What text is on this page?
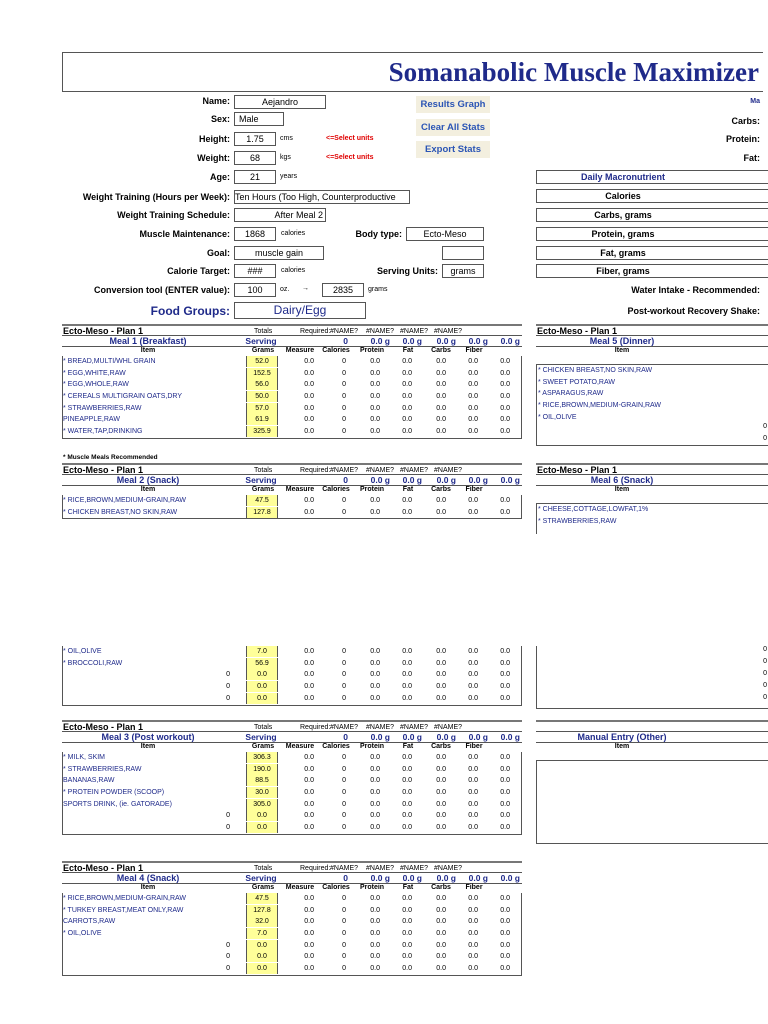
Somanabolic Muscle Maximizer
Name:	Aejandro
Sex:	Male
Height:	1.75	cms	<=Select units
Weight:	68	kgs	<=Select units
Age:	21	years
Weight Training (Hours per Week): Ten Hours (Too High, Counterproductive
Weight Training Schedule:	After Meal 2
Muscle Maintenance:	1868	calories	Body type:	Ecto-Meso
Goal:	muscle gain
Calorie Target:	###	calories	Serving Units:	grams
Conversion tool (ENTER value):	100	oz. →	2835	grams
Food Groups:	Dairy/Egg
Results Graph
Clear All Stats
Export Stats
Ma
Carbs:
Protein:
Fat:
Daily Macronutrient
Calories
Carbs, grams
Protein, grams
Fat, grams
Fiber, grams
Water Intake - Recommended:
Post-workout Recovery Shake:
Ecto-Meso - Plan 1	Totals	Required: #NAME? #NAME? #NAME? #NAME?
Meal 1 (Breakfast)	Serving	0	0.0 g	0.0 g	0.0 g	0.0 g	0.0 g
Item	Grams	Measure	Calories	Protein	Fat	Carbs	Fiber
* BREAD,MULTI/WHL GRAIN	52.0	0.0	0	0.0	0.0	0.0	0.0	0.0
* EGG,WHITE,RAW	152.5	0.0	0	0.0	0.0	0.0	0.0	0.0
* EGG,WHOLE,RAW	56.0	0.0	0	0.0	0.0	0.0	0.0	0.0
* CEREALS MULTIGRAIN OATS,DRY	50.0	0.0	0	0.0	0.0	0.0	0.0	0.0
* STRAWBERRIES,RAW	57.0	0.0	0	0.0	0.0	0.0	0.0	0.0
PINEAPPLE,RAW	61.9	0.0	0	0.0	0.0	0.0	0.0	0.0
* WATER,TAP,DRINKING	325.9	0.0	0	0.0	0.0	0.0	0.0	0.0
Ecto-Meso - Plan 1	Totals	Required: #NAME? #NAME? #NAME? #NAME?
Meal 2 (Snack)	Serving	0	0.0 g	0.0 g	0.0 g	0.0 g	0.0 g
Item	Grams	Measure	Calories	Protein	Fat	Carbs	Fiber
* RICE,BROWN,MEDIUM-GRAIN,RAW	47.5	0.0	0	0.0	0.0	0.0	0.0	0.0
* CHICKEN BREAST,NO SKIN,RAW	127.8	0.0	0	0.0	0.0	0.0	0.0	0.0
* OIL,OLIVE	7.0	0.0	0	0.0	0.0	0.0	0.0	0.0
* BROCCOLI,RAW	56.9	0.0	0	0.0	0.0	0.0	0.0	0.0
0	0.0	0.0	0	0.0	0.0	0.0	0.0	0.0
0	0.0	0.0	0	0.0	0.0	0.0	0.0	0.0
0	0.0	0.0	0	0.0	0.0	0.0	0.0	0.0
Ecto-Meso - Plan 1	Totals	Required: #NAME? #NAME? #NAME? #NAME?
Meal 3 (Post workout)	Serving	0	0.0 g	0.0 g	0.0 g	0.0 g	0.0 g
Item	Grams	Measure	Calories	Protein	Fat	Carbs	Fiber
* MILK, SKIM	306.3	0.0	0	0.0	0.0	0.0	0.0	0.0
* STRAWBERRIES,RAW	190.0	0.0	0	0.0	0.0	0.0	0.0	0.0
BANANAS,RAW	88.5	0.0	0	0.0	0.0	0.0	0.0	0.0
* PROTEIN POWDER (SCOOP)	30.0	0.0	0	0.0	0.0	0.0	0.0	0.0
SPORTS DRINK, (ie. GATORADE)	305.0	0.0	0	0.0	0.0	0.0	0.0	0.0
0	0.0	0.0	0	0.0	0.0	0.0	0.0	0.0
0	0.0	0.0	0	0.0	0.0	0.0	0.0	0.0
Ecto-Meso - Plan 1	Totals	Required: #NAME? #NAME? #NAME? #NAME?
Meal 4 (Snack)	Serving	0	0.0 g	0.0 g	0.0 g	0.0 g	0.0 g
Item	Grams	Measure	Calories	Protein	Fat	Carbs	Fiber
* RICE,BROWN,MEDIUM-GRAIN,RAW	47.5	0.0	0	0.0	0.0	0.0	0.0	0.0
* TURKEY BREAST,MEAT ONLY,RAW	127.8	0.0	0	0.0	0.0	0.0	0.0	0.0
CARROTS,RAW	32.0	0.0	0	0.0	0.0	0.0	0.0	0.0
* OIL,OLIVE	7.0	0.0	0	0.0	0.0	0.0	0.0	0.0
0	0.0	0.0	0	0.0	0.0	0.0	0.0	0.0
0	0.0	0.0	0	0.0	0.0	0.0	0.0	0.0
0	0.0	0.0	0	0.0	0.0	0.0	0.0	0.0
* Muscle Meals Recommended
Ecto-Meso - Plan 1
Meal 5 (Dinner)
Item
* CHICKEN BREAST,NO SKIN,RAW
* SWEET POTATO,RAW
* ASPARAGUS,RAW
* RICE,BROWN,MEDIUM-GRAIN,RAW
* OIL,OLIVE
0
0
Ecto-Meso - Plan 1
Meal 6 (Snack)
Item
* CHEESE,COTTAGE,LOWFAT,1%
* STRAWBERRIES,RAW
0
0
0
0
0
Manual Entry (Other)
Item
